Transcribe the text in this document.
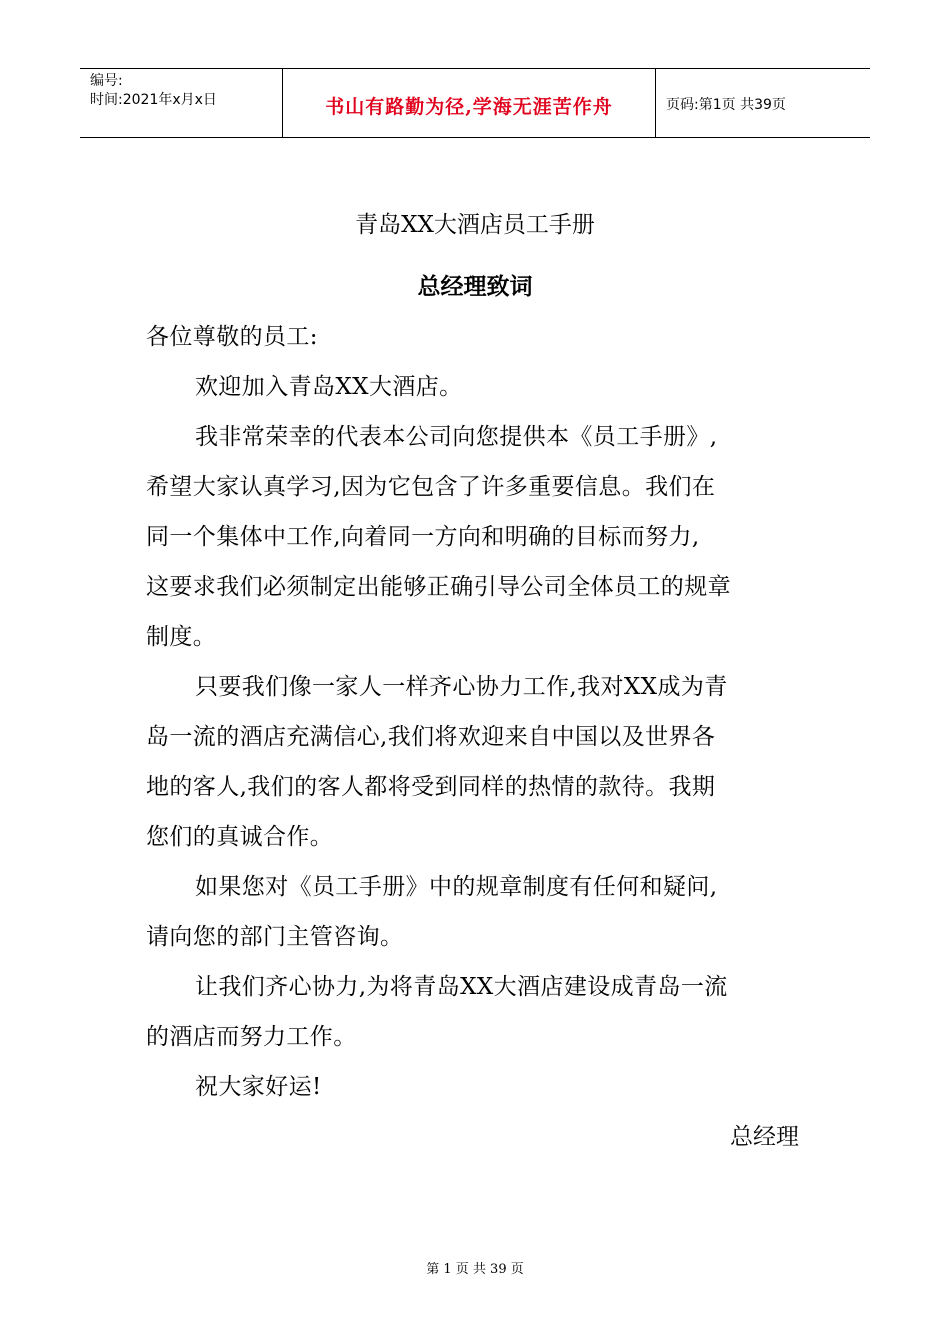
编号:
时间:2021年x月x日	书山有路勤为径,学海无涯苦作舟	页码:第1页 共39页
青岛XX大酒店员工手册
总经理致词
各位尊敬的员工:
欢迎加入青岛XX大酒店。
我非常荣幸的代表本公司向您提供本《员工手册》,
希望大家认真学习,因为它包含了许多重要信息。我们在
同一个集体中工作,向着同一方向和明确的目标而努力,
这要求我们必须制定出能够正确引导公司全体员工的规章
制度。
只要我们像一家人一样齐心协力工作,我对XX成为青
岛一流的酒店充满信心,我们将欢迎来自中国以及世界各
地的客人,我们的客人都将受到同样的热情的款待。我期
您们的真诚合作。
如果您对《员工手册》中的规章制度有任何和疑问,
请向您的部门主管咨询。
让我们齐心协力,为将青岛XX大酒店建设成青岛一流
的酒店而努力工作。
祝大家好运!
总经理
第 1 页 共 39 页
